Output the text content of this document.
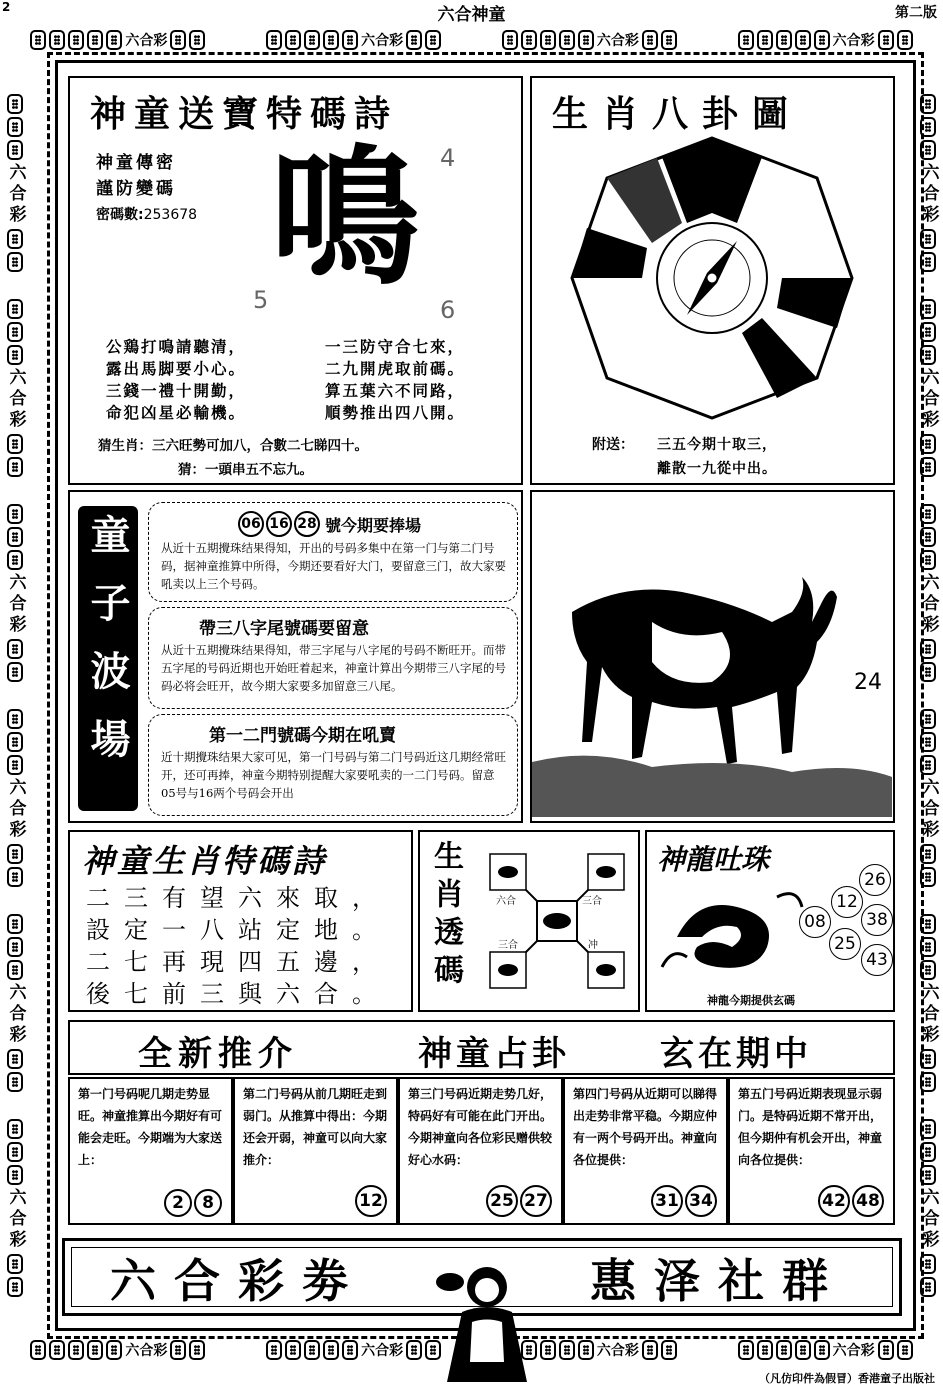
2	六合神童	第二版
六合彩	六合彩	六合彩	六合彩
六合彩	六合彩	六合彩	六合彩
六合彩
六合彩
六合彩
六合彩
六合彩
六合彩
六合彩
六合彩
六合彩
六合彩
六合彩
六合彩
神童送寶特碼詩
神童傳密
謹防變碼
密碼數:253678 鳴 4
5	6
公鶏打鳴請聽清，
露出馬脚要小心。
三錢一禮十開勤，
命犯凶星必輸機。
一三防守合七來，
二九開虎取前碼。
算五葉六不同路，
順勢推出四八開。
猜生肖：三六旺勢可加八，合數二七睇四十。
猜：一頭串五不忘九。
生肖八卦圖
附送： 三五今期十取三，
離散一九從中出。
童子波場	06 16 28 號今期要捧場
从近十五期攪珠结果得知，开出的号码多集中在第一门与第二门号码，据神童推算中所得，今期还要看好大门，要留意三门，故大家要吼卖以上三个号码。
帶三八字尾號碼要留意
从近十五期攪珠结果得知，带三字尾与八字尾的号码不断旺开。而带五字尾的号码近期也开始旺着起来，神童计算出今期带三八字尾的号码必将会旺开，故今期大家要多加留意三八尾。
第一二門號碼今期在吼賣
近十期攪珠结果大家可见，第一门号码与第二门号码近这几期经常旺开，还可再捧，神童今期特别提醒大家要吼卖的一二门号码。留意05号与16两个号码会开出
24
神童生肖特碼詩
二三有望六來取，
設定一八站定地。
二七再現四五邊，
後七前三與六合。
生肖透碼	六合	三合
三合	冲
神龍吐珠
26
12
38
08
25
43
神龍今期提供玄碼
全新推介	神童占卦	玄在期中
第一门号码呢几期走势显旺。神童推算出今期好有可能会走旺。今期端为大家送上：
2	8
第二门号码从前几期旺走到弱门。从推算中得出：今期还会开弱，神童可以向大家推介：
12
第三门号码近期走势几好，特码好有可能在此门开出。今期神童向各位彩民赠供较好心水码：
25 27
第四门号码从近期可以睇得出走势非常平稳。今期应仲有一两个号码开出。神童向各位提供：
31 34
第五门号码近期表现显示弱门。是特码近期不常开出，但今期仲有机会开出，神童向各位提供：
42 48
六合彩劵	惠泽社群
（凡仿印件為假冒）香港童子出版社
